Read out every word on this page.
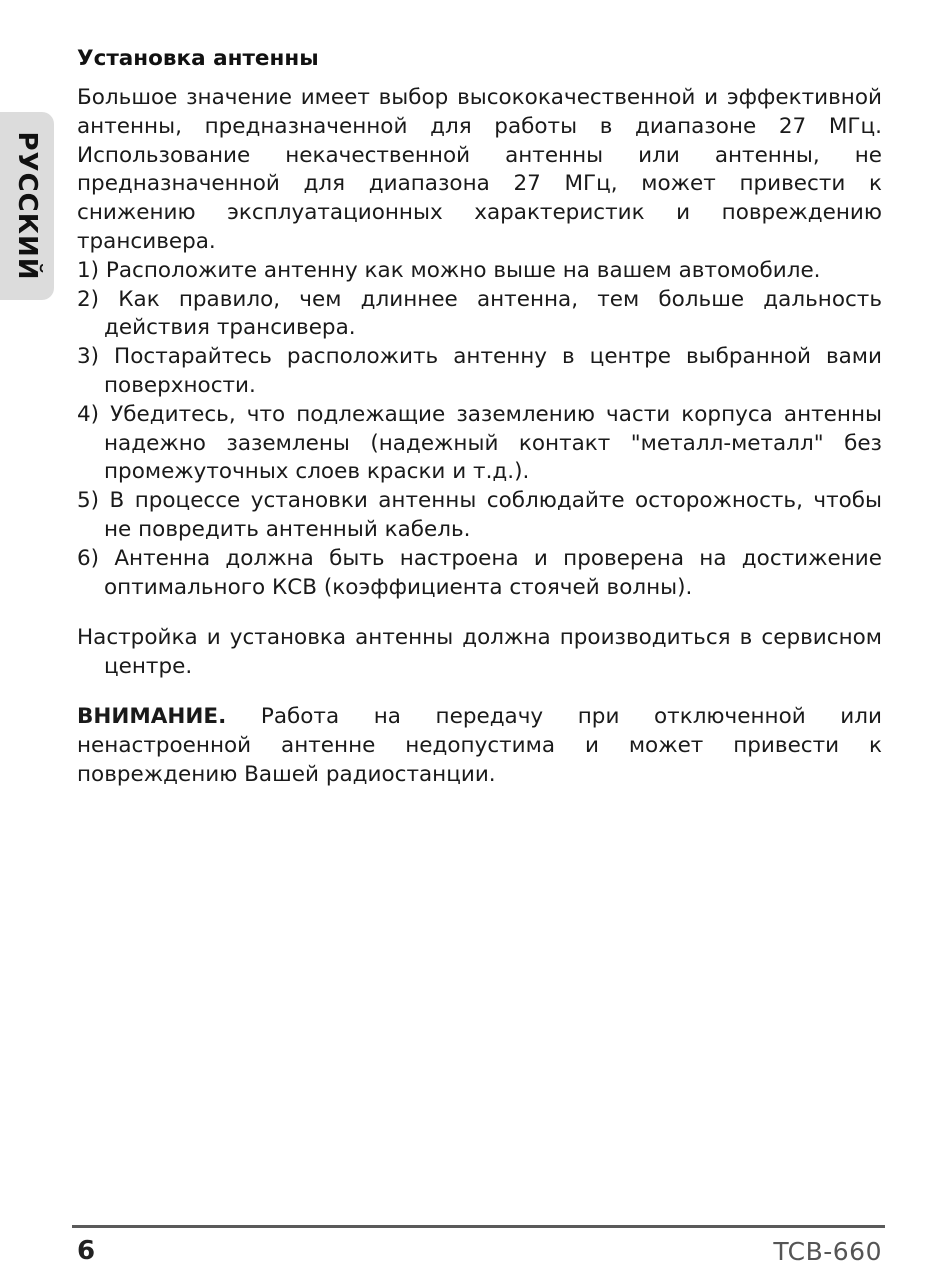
РУССКИЙ
Установка антенны

Большое значение имеет выбор высококачественной и эффективной антенны, предназначенной для работы в диапазоне 27 МГц. Использование некачественной антенны или антенны, не предназначенной для диапазона 27 МГц, может привести к снижению эксплуатационных характеристик и повреждению трансивера.

1) Расположите антенну как можно выше на вашем автомобиле.
2) Как правило, чем длиннее антенна, тем больше дальность действия трансивера.
3) Постарайтесь расположить антенну в центре выбранной вами поверхности.
4) Убедитесь, что подлежащие заземлению части корпуса антенны надежно заземлены (надежный контакт "металл-металл" без промежуточных слоев краски и т.д.).
5) В процессе установки антенны соблюдайте осторожность, чтобы не повредить антенный кабель.
6) Антенна должна быть настроена и проверена на достижение оптимального КСВ (коэффициента стоячей волны).

Настройка и установка антенны должна производиться в сервисном центре.

ВНИМАНИЕ. Работа на передачу при отключенной или ненастроенной антенне недопустима и может привести к повреждению Вашей радиостанции.

6	TCB-660
